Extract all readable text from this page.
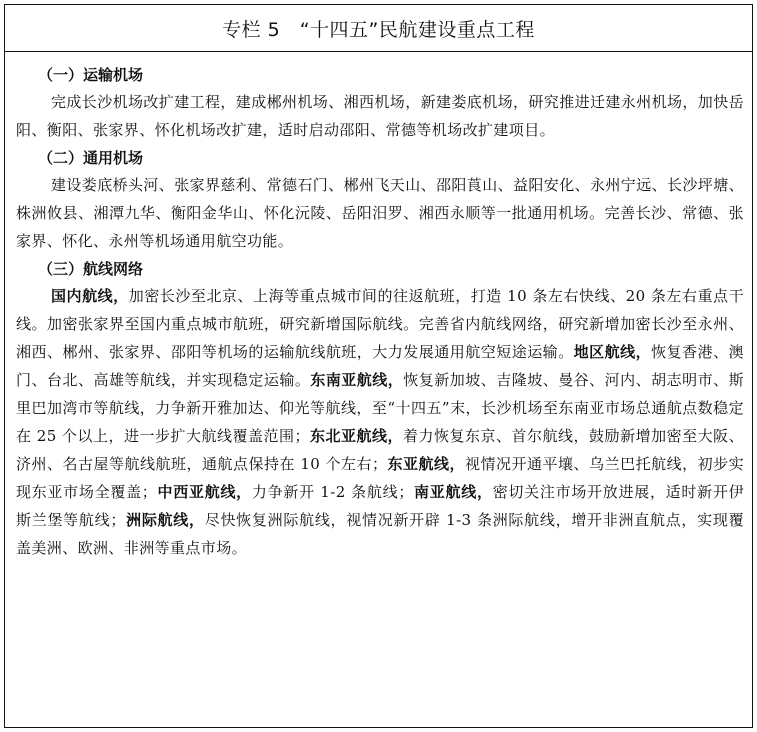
专栏 5　“十四五”民航建设重点工程
（一）运输机场
完成长沙机场改扩建工程，建成郴州机场、湘西机场，新建娄底机场，研究推进迁建永州机场，加快岳阳、衡阳、张家界、怀化机场改扩建，适时启动邵阳、常德等机场改扩建项目。
（二）通用机场
建设娄底桥头河、张家界慈利、常德石门、郴州飞天山、邵阳莨山、益阳安化、永州宁远、长沙坪塘、株洲攸县、湘潭九华、衡阳金华山、怀化沅陵、岳阳汨罗、湘西永顺等一批通用机场。完善长沙、常德、张家界、怀化、永州等机场通用航空功能。
（三）航线网络
国内航线，加密长沙至北京、上海等重点城市间的往返航班，打造 10 条左右快线、20 条左右重点干线。加密张家界至国内重点城市航班，研究新增国际航线。完善省内航线网络，研究新增加密长沙至永州、湘西、郴州、张家界、邵阳等机场的运输航线航班，大力发展通用航空短途运输。地区航线，恢复香港、澳门、台北、高雄等航线，并实现稳定运输。东南亚航线，恢复新加坡、吉隆坡、曼谷、河内、胡志明市、斯里巴加湾市等航线，力争新开雅加达、仰光等航线，至“十四五”末，长沙机场至东南亚市场总通航点数稳定在 25 个以上，进一步扩大航线覆盖范围；东北亚航线，着力恢复东京、首尔航线，鼓励新增加密至大阪、济州、名古屋等航线航班，通航点保持在 10 个左右；东亚航线，视情况开通平壤、乌兰巴托航线，初步实现东亚市场全覆盖；中西亚航线，力争新开 1-2 条航线；南亚航线，密切关注市场开放进展，适时新开伊斯兰堡等航线；洲际航线，尽快恢复洲际航线，视情况新开辟 1-3 条洲际航线，增开非洲直航点，实现覆盖美洲、欧洲、非洲等重点市场。
